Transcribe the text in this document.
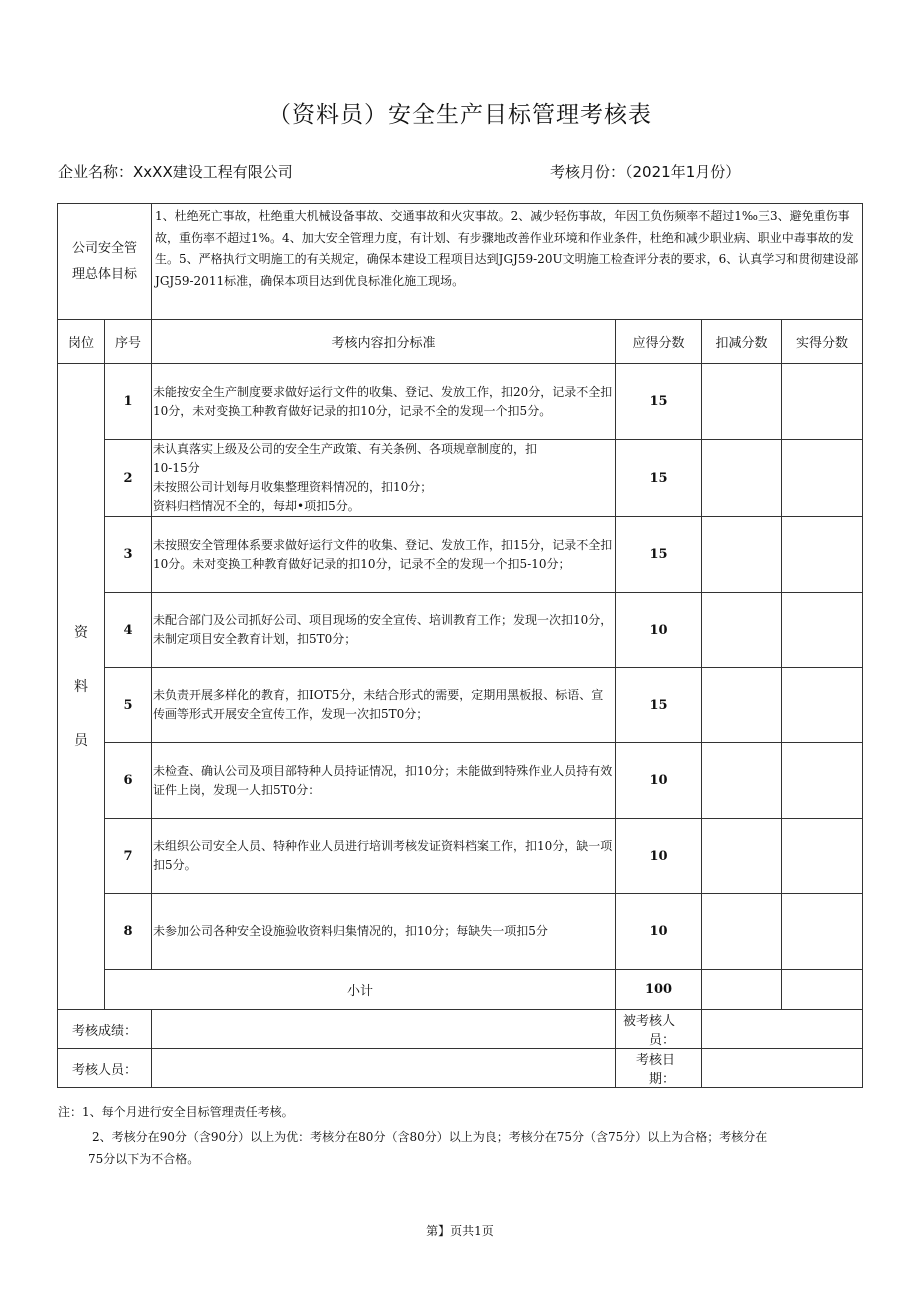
（资料员）安全生产目标管理考核表
企业名称：XxXX建设工程有限公司	考核月份：（2021年1月份）
公司安全管
理总体目标		1、杜绝死亡事故，杜绝重大机械设备事故、交通事故和火灾事故。2、减少轻伤事故，年因工负伤频率不超过1‰三3、避免重伤事故，重伤率不超过1%。4、加大安全管理力度，有计划、有步骤地改善作业环境和作业条件，杜绝和减少职业病、职业中毒事故的发生。5、严格执行文明施工的有关规定，确保本建设工程项目达到JGJ59-20U文明施工检查评分表的要求，6、认真学习和贯彻建设部JGJ59-2011标准，确保本项目达到优良标准化施工现场。			
岗位	序号	考核内容扣分标准	应得分数	扣减分数	实得分数

资
料
员	1	未能按安全生产制度要求做好运行文件的收集、登记、发放工作，扣20分，记录不全扣10分，未对变换工种教育做好记录的扣10分，记录不全的发现一个扣5分。	15		
	2	未认真落实上级及公司的安全生产政策、有关条例、各项规章制度的，扣
10-15分
未按照公司计划每月收集整理资料情况的，扣10分；
资料归档情况不全的，每却•项扣5分。	15		
	3	未按照安全管理体系要求做好运行文件的收集、登记、发放工作，扣15分，记录不全扣10分。未对变换工种教育做好记录的扣10分，记录不全的发现一个扣5-10分；	15		
	4	未配合部门及公司抓好公司、项目现场的安全宣传、培训教育工作；发现一次扣10分，未制定项目安全教育计划，扣5T0分；	10		
	5	未负责开展多样化的教育，扣IOT5分，未结合形式的需要，定期用黑板报、标语、宣传画等形式开展安全宣传工作，发现一次扣5T0分；	15		
	6	未检查、确认公司及项目部特种人员持证情况，扣10分；未能做到特殊作业人员持有效证件上岗，发现一人扣5T0分：	10		
	7	未组织公司安全人员、特种作业人员进行培训考核发证资料档案工作，扣10分，缺一项扣5分。	10		
	8	未参加公司各种安全设施验收资料归集情况的，扣10分；每缺失一项扣5分	10		
	小计		100		
考核成绩：			被考核人员：		
考核人员：			考核日期：		
注：1、每个月进行安全目标管理责任考核。
2、考核分在90分（含90分）以上为优：考核分在80分（含80分）以上为良；考核分在75分（含75分）以上为合格；考核分在
75分以下为不合格。
第】页共1页
